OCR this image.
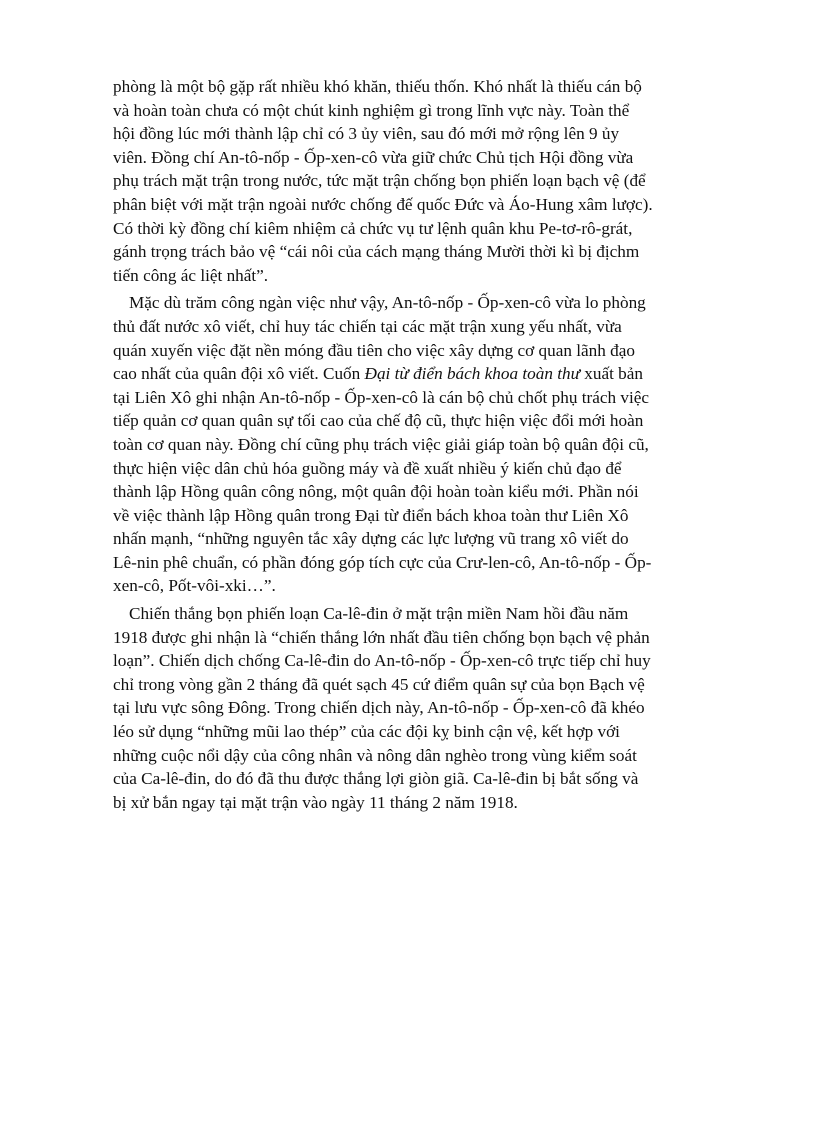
phòng là một bộ gặp rất nhiều khó khăn, thiếu thốn. Khó nhất là thiếu cán bộ
và hoàn toàn chưa có một chút kinh nghiệm gì trong lĩnh vực này. Toàn thể
hội đồng lúc mới thành lập chỉ có 3 ủy viên, sau đó mới mở rộng lên 9 ủy
viên. Đồng chí An-tô-nốp - Ốp-xen-cô vừa giữ chức Chủ tịch Hội đồng vừa
phụ trách mặt trận trong nước, tức mặt trận chống bọn phiến loạn bạch vệ (để
phân biệt với mặt trận ngoài nước chống đế quốc Đức và Áo-Hung xâm lược).
Có thời kỳ đồng chí kiêm nhiệm cả chức vụ tư lệnh quân khu Pe-tơ-rô-grát,
gánh trọng trách bảo vệ “cái nôi của cách mạng tháng Mười thời kì bị địchm
tiến công ác liệt nhất”.

Mặc dù trăm công ngàn việc như vậy, An-tô-nốp - Ốp-xen-cô vừa lo phòng
thủ đất nước xô viết, chỉ huy tác chiến tại các mặt trận xung yếu nhất, vừa
quán xuyến việc đặt nền móng đầu tiên cho việc xây dựng cơ quan lãnh đạo
cao nhất của quân đội xô viết. Cuốn Đại từ điển bách khoa toàn thư xuất bản
tại Liên Xô ghi nhận An-tô-nốp - Ốp-xen-cô là cán bộ chủ chốt phụ trách việc
tiếp quản cơ quan quân sự tối cao của chế độ cũ, thực hiện việc đổi mới hoàn
toàn cơ quan này. Đồng chí cũng phụ trách việc giải giáp toàn bộ quân đội cũ,
thực hiện việc dân chủ hóa guồng máy và đề xuất nhiều ý kiến chủ đạo để
thành lập Hồng quân công nông, một quân đội hoàn toàn kiểu mới. Phần nói
về việc thành lập Hồng quân trong Đại từ điển bách khoa toàn thư Liên Xô
nhấn mạnh, “những nguyên tắc xây dựng các lực lượng vũ trang xô viết do
Lê-nin phê chuẩn, có phần đóng góp tích cực của Crư-len-cô, An-tô-nốp - Ốp-
xen-cô, Pốt-vôi-xki…”.

Chiến thắng bọn phiến loạn Ca-lê-đin ở mặt trận miền Nam hồi đầu năm
1918 được ghi nhận là “chiến thắng lớn nhất đầu tiên chống bọn bạch vệ phản
loạn”. Chiến dịch chống Ca-lê-đin do An-tô-nốp - Ốp-xen-cô trực tiếp chỉ huy
chỉ trong vòng gần 2 tháng đã quét sạch 45 cứ điểm quân sự của bọn Bạch vệ
tại lưu vực sông Đông. Trong chiến dịch này, An-tô-nốp - Ốp-xen-cô đã khéo
léo sử dụng “những mũi lao thép” của các đội kỵ binh cận vệ, kết hợp với
những cuộc nổi dậy của công nhân và nông dân nghèo trong vùng kiểm soát
của Ca-lê-đin, do đó đã thu được thắng lợi giòn giã. Ca-lê-đin bị bắt sống và
bị xử bắn ngay tại mặt trận vào ngày 11 tháng 2 năm 1918.
